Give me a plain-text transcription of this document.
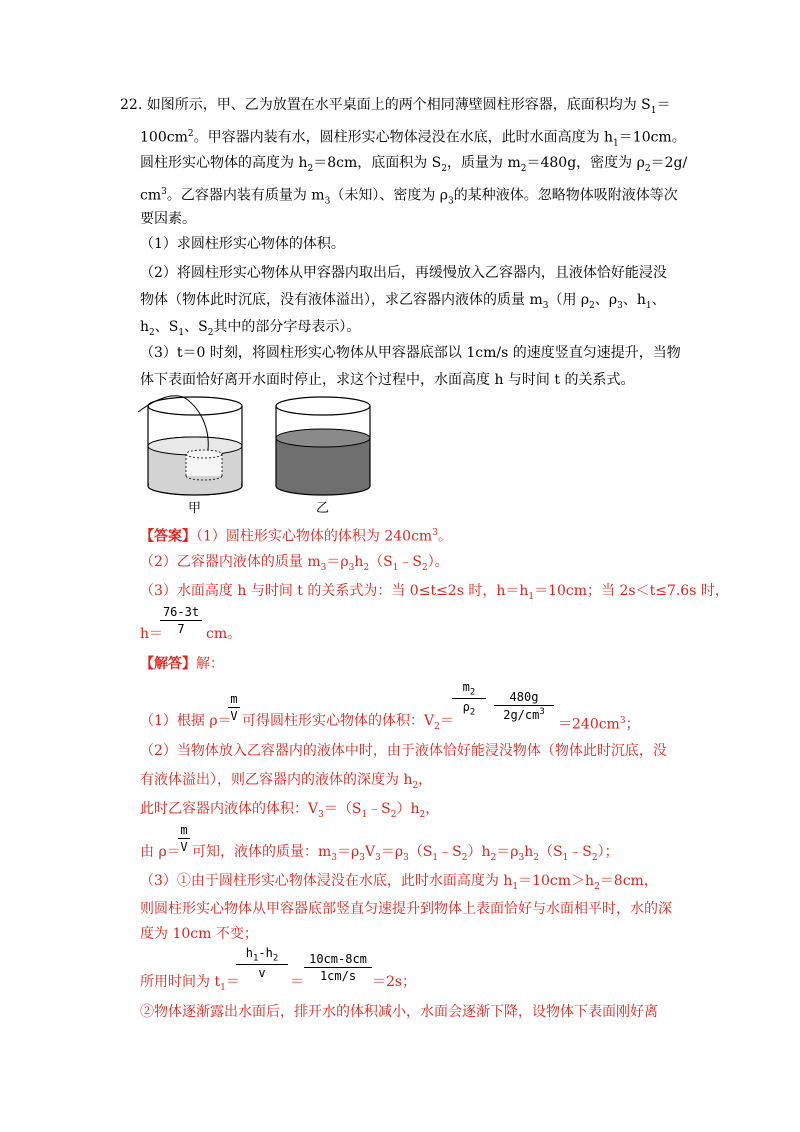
22. 如图所示，甲、乙为放置在水平桌面上的两个相同薄壁圆柱形容器，底面积均为 $S_1=$
$100cm^2$。甲容器内装有水，圆柱形实心物体浸没在水底，此时水面高度为 $h_1=10cm$。
圆柱形实心物体的高度为 $h_2=8cm$，底面积为 $S_2$，质量为 $m_2=480g$，密度为 $\rho_2=2g/$
$cm^3$。乙容器内装有质量为 $m_3$（未知）、密度为 $\rho_3$的某种液体。忽略物体吸附液体等次
要因素。
（1）求圆柱形实心物体的体积。
（2）将圆柱形实心物体从甲容器内取出后，再缓慢放入乙容器内，且液体恰好能浸没
物体（物体此时沉底，没有液体溢出），求乙容器内液体的质量 $m_3$（用 $\rho_2$、$\rho_3$、$h_1$、
$h_2$、$S_1$、$S_2$其中的部分字母表示）。
（3）t＝0 时刻，将圆柱形实心物体从甲容器底部以 1cm/s 的速度竖直匀速提升，当物
体下表面恰好离开水面时停止，求这个过程中，水面高度 h 与时间 t 的关系式。
甲	乙
【答案】（1）圆柱形实心物体的体积为 $240cm^3$。
（2）乙容器内液体的质量 $m_3=\rho_3h_2(S_1﹣S_2)$。
（3）水面高度 h 与时间 t 的关系式为：当 0≤t≤2s 时，$h=h_1=10cm$；当 2s＜t≤7.6s 时，
h＝
76-3t
7	cm。
【解答】解：
（1）根据 ρ＝
m
V 可得圆柱形实心物体的体积：$V_2=$
$m_2$
$\rho_2$
480g
$2g/cm^3$
$=240cm^3$；
（2）当物体放入乙容器内的液体中时，由于液体恰好能浸没物体（物体此时沉底，没
有液体溢出），则乙容器内的液体的深度为 $h_2$，
此时乙容器内液体的体积：$V_3=(S_1﹣S_2)h_2$，
由 ρ＝
m
V 可知，液体的质量：$m_3=\rho_3V_3=\rho_3(S_1﹣S_2)h_2=\rho_3h_2(S_1﹣S_2)$；
（3）①由于圆柱形实心物体浸没在水底，此时水面高度为 $h_1=10cm>h_2=8cm$，
则圆柱形实心物体从甲容器底部竖直匀速提升到物体上表面恰好与水面相平时，水的深
度为 10cm 不变；
所用时间为 $t_1=$
$h_1-h_2$
v
＝
10cm-8cm
1cm/s	＝2s；
②物体逐渐露出水面后，排开水的体积减小，水面会逐渐下降，设物体下表面刚好离
